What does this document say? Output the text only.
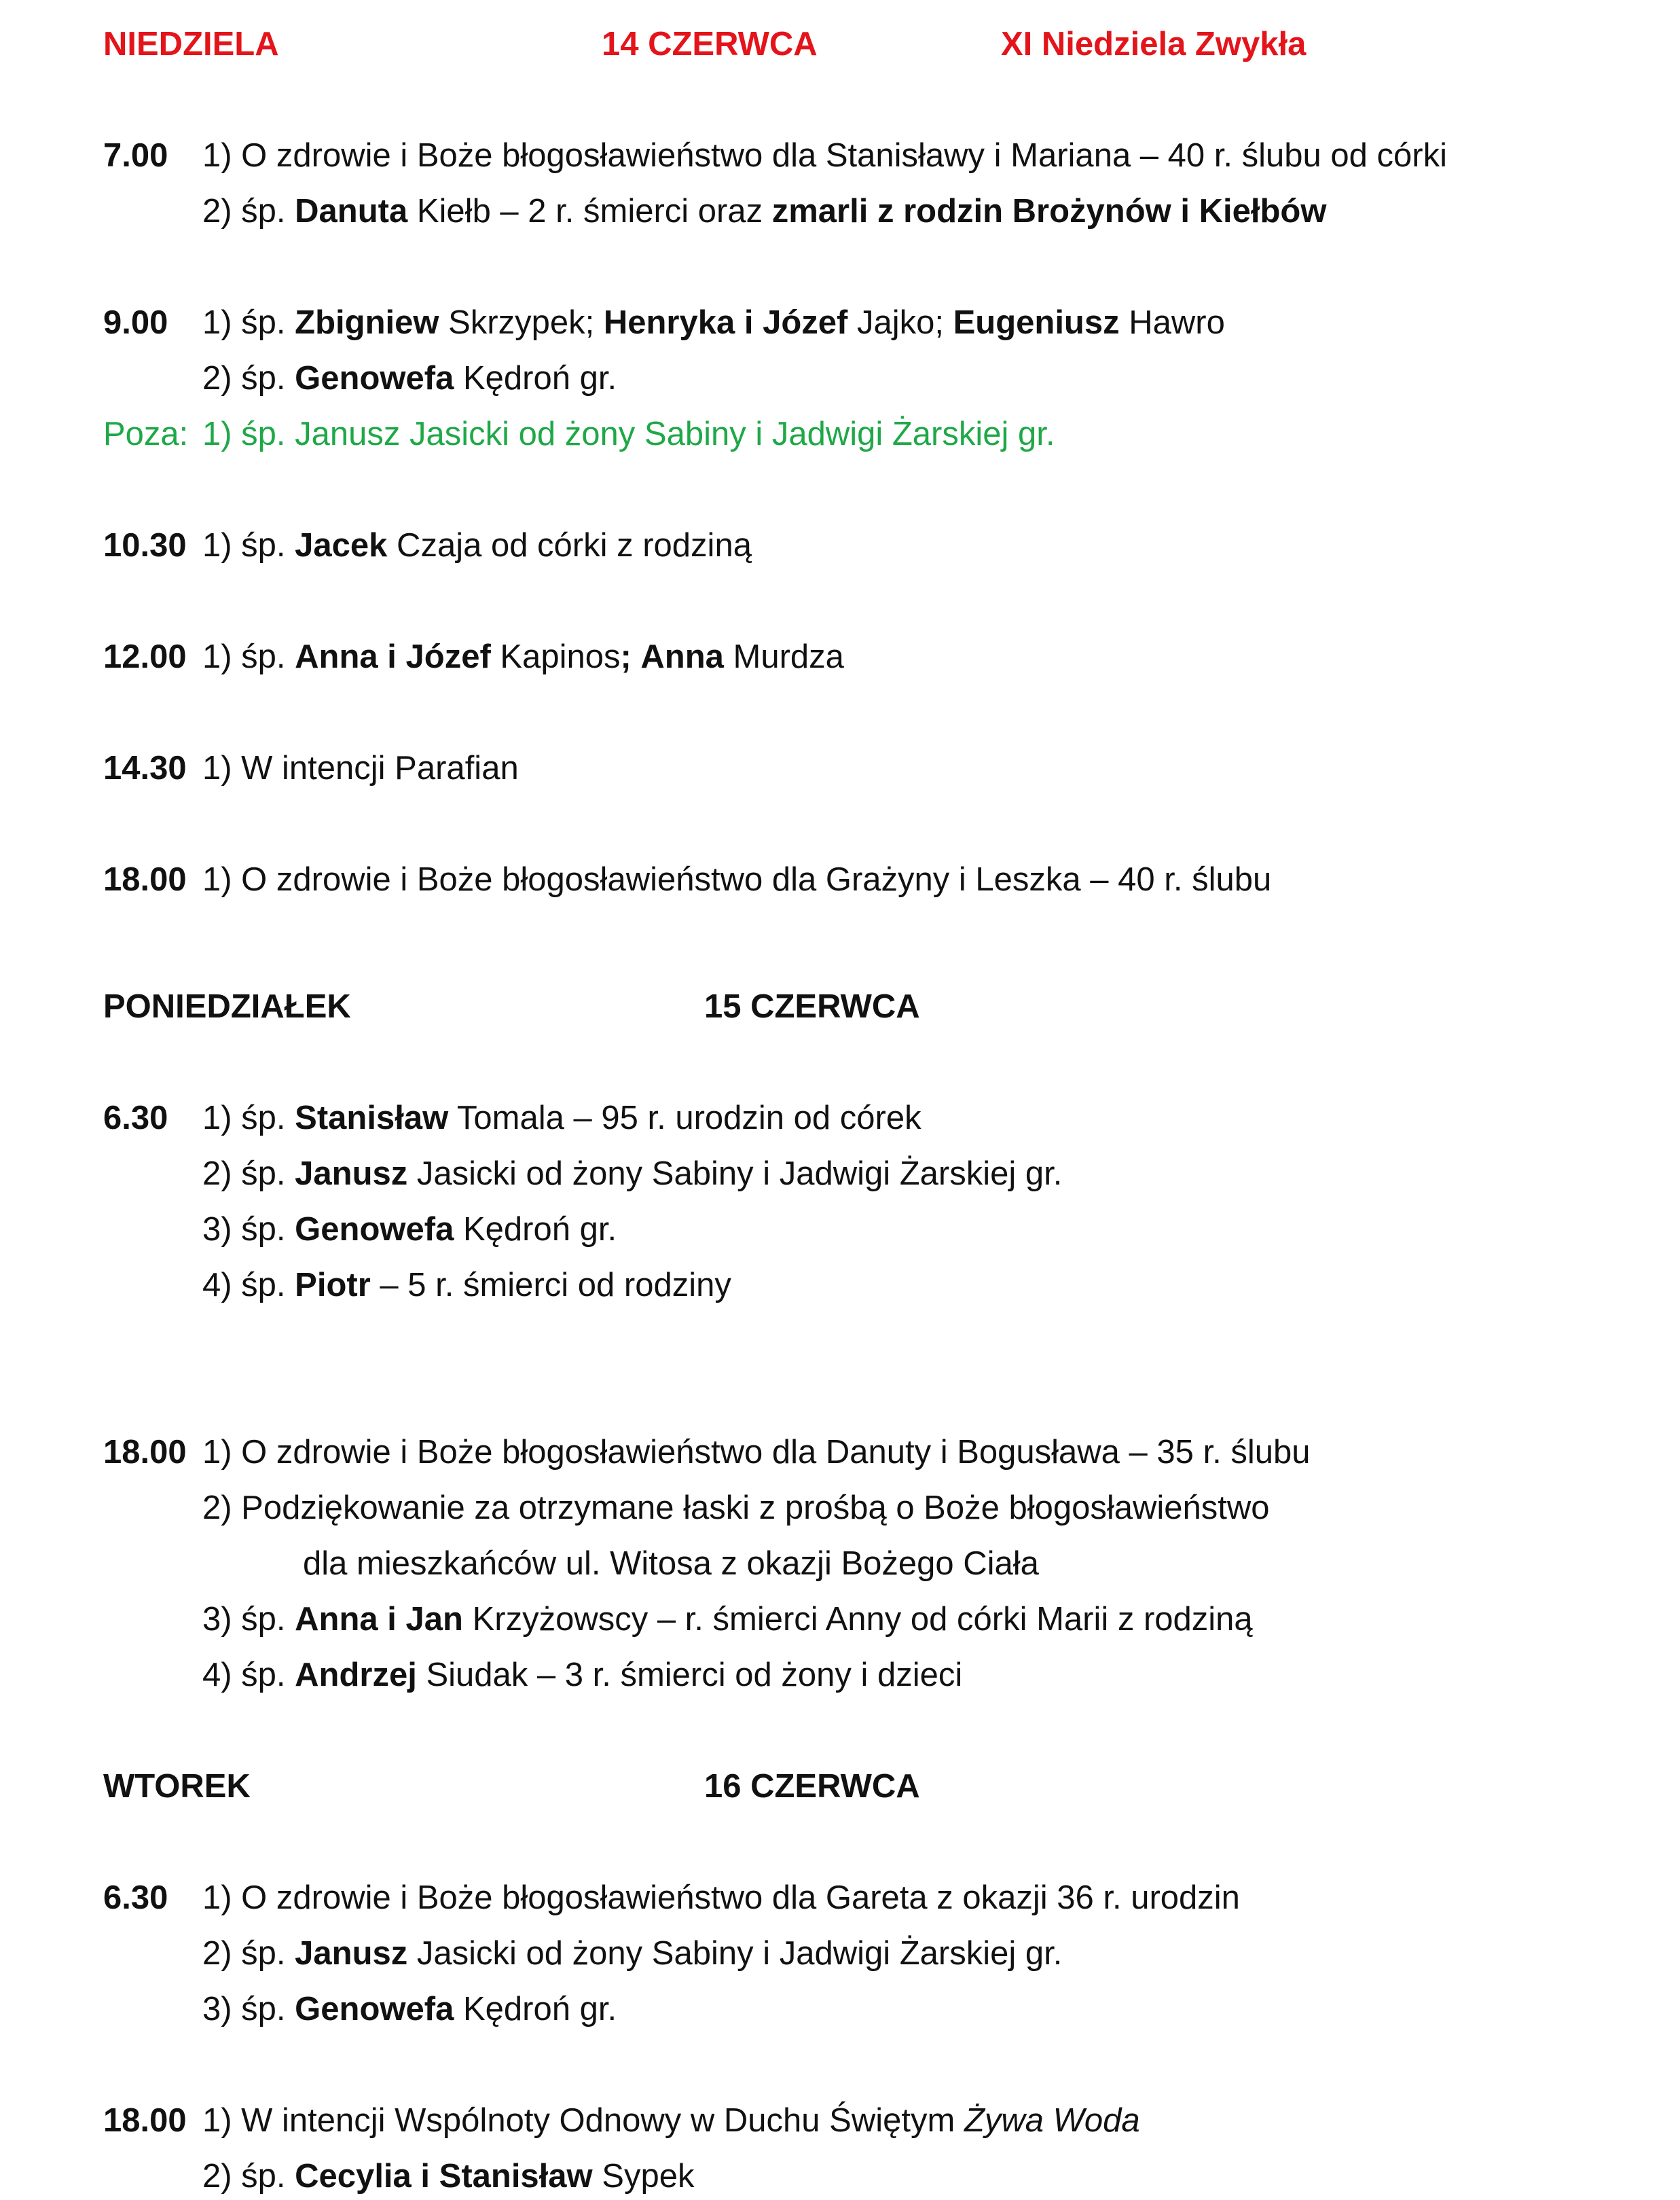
NIEDZIELA	14 CZERWCA	XI Niedziela Zwykła
7.00 1) O zdrowie i Boże błogosławieństwo dla Stanisławy i Mariana – 40 r. ślubu od córki
2) śp. Danuta Kiełb – 2 r. śmierci oraz zmarli z rodzin Brożynów i Kiełbów
9.00 1) śp. Zbigniew Skrzypek; Henryka i Józef Jajko; Eugeniusz Hawro
2) śp. Genowefa Kędroń gr.
Poza: 1) śp. Janusz Jasicki od żony Sabiny i Jadwigi Żarskiej gr.
10.30 1) śp. Jacek Czaja od córki z rodziną
12.00 1) śp. Anna i Józef Kapinos; Anna Murdza
14.30 1) W intencji Parafian
18.00 1) O zdrowie i Boże błogosławieństwo dla Grażyny i Leszka – 40 r. ślubu
PONIEDZIAŁEK	15 CZERWCA
6.30 1) śp. Stanisław Tomala – 95 r. urodzin od córek
2) śp. Janusz Jasicki od żony Sabiny i Jadwigi Żarskiej gr.
3) śp. Genowefa Kędroń gr.
4) śp. Piotr – 5 r. śmierci od rodziny
18.00 1) O zdrowie i Boże błogosławieństwo dla Danuty i Bogusława – 35 r. ślubu
2) Podziękowanie za otrzymane łaski z prośbą o Boże błogosławieństwo
dla mieszkańców ul. Witosa z okazji Bożego Ciała
3) śp. Anna i Jan Krzyżowscy – r. śmierci Anny od córki Marii z rodziną
4) śp. Andrzej Siudak – 3 r. śmierci od żony i dzieci
WTOREK	16 CZERWCA
6.30 1) O zdrowie i Boże błogosławieństwo dla Gareta z okazji 36 r. urodzin
2) śp. Janusz Jasicki od żony Sabiny i Jadwigi Żarskiej gr.
3) śp. Genowefa Kędroń gr.
18.00 1) W intencji Wspólnoty Odnowy w Duchu Świętym Żywa Woda
2) śp. Cecylia i Stanisław Sypek
